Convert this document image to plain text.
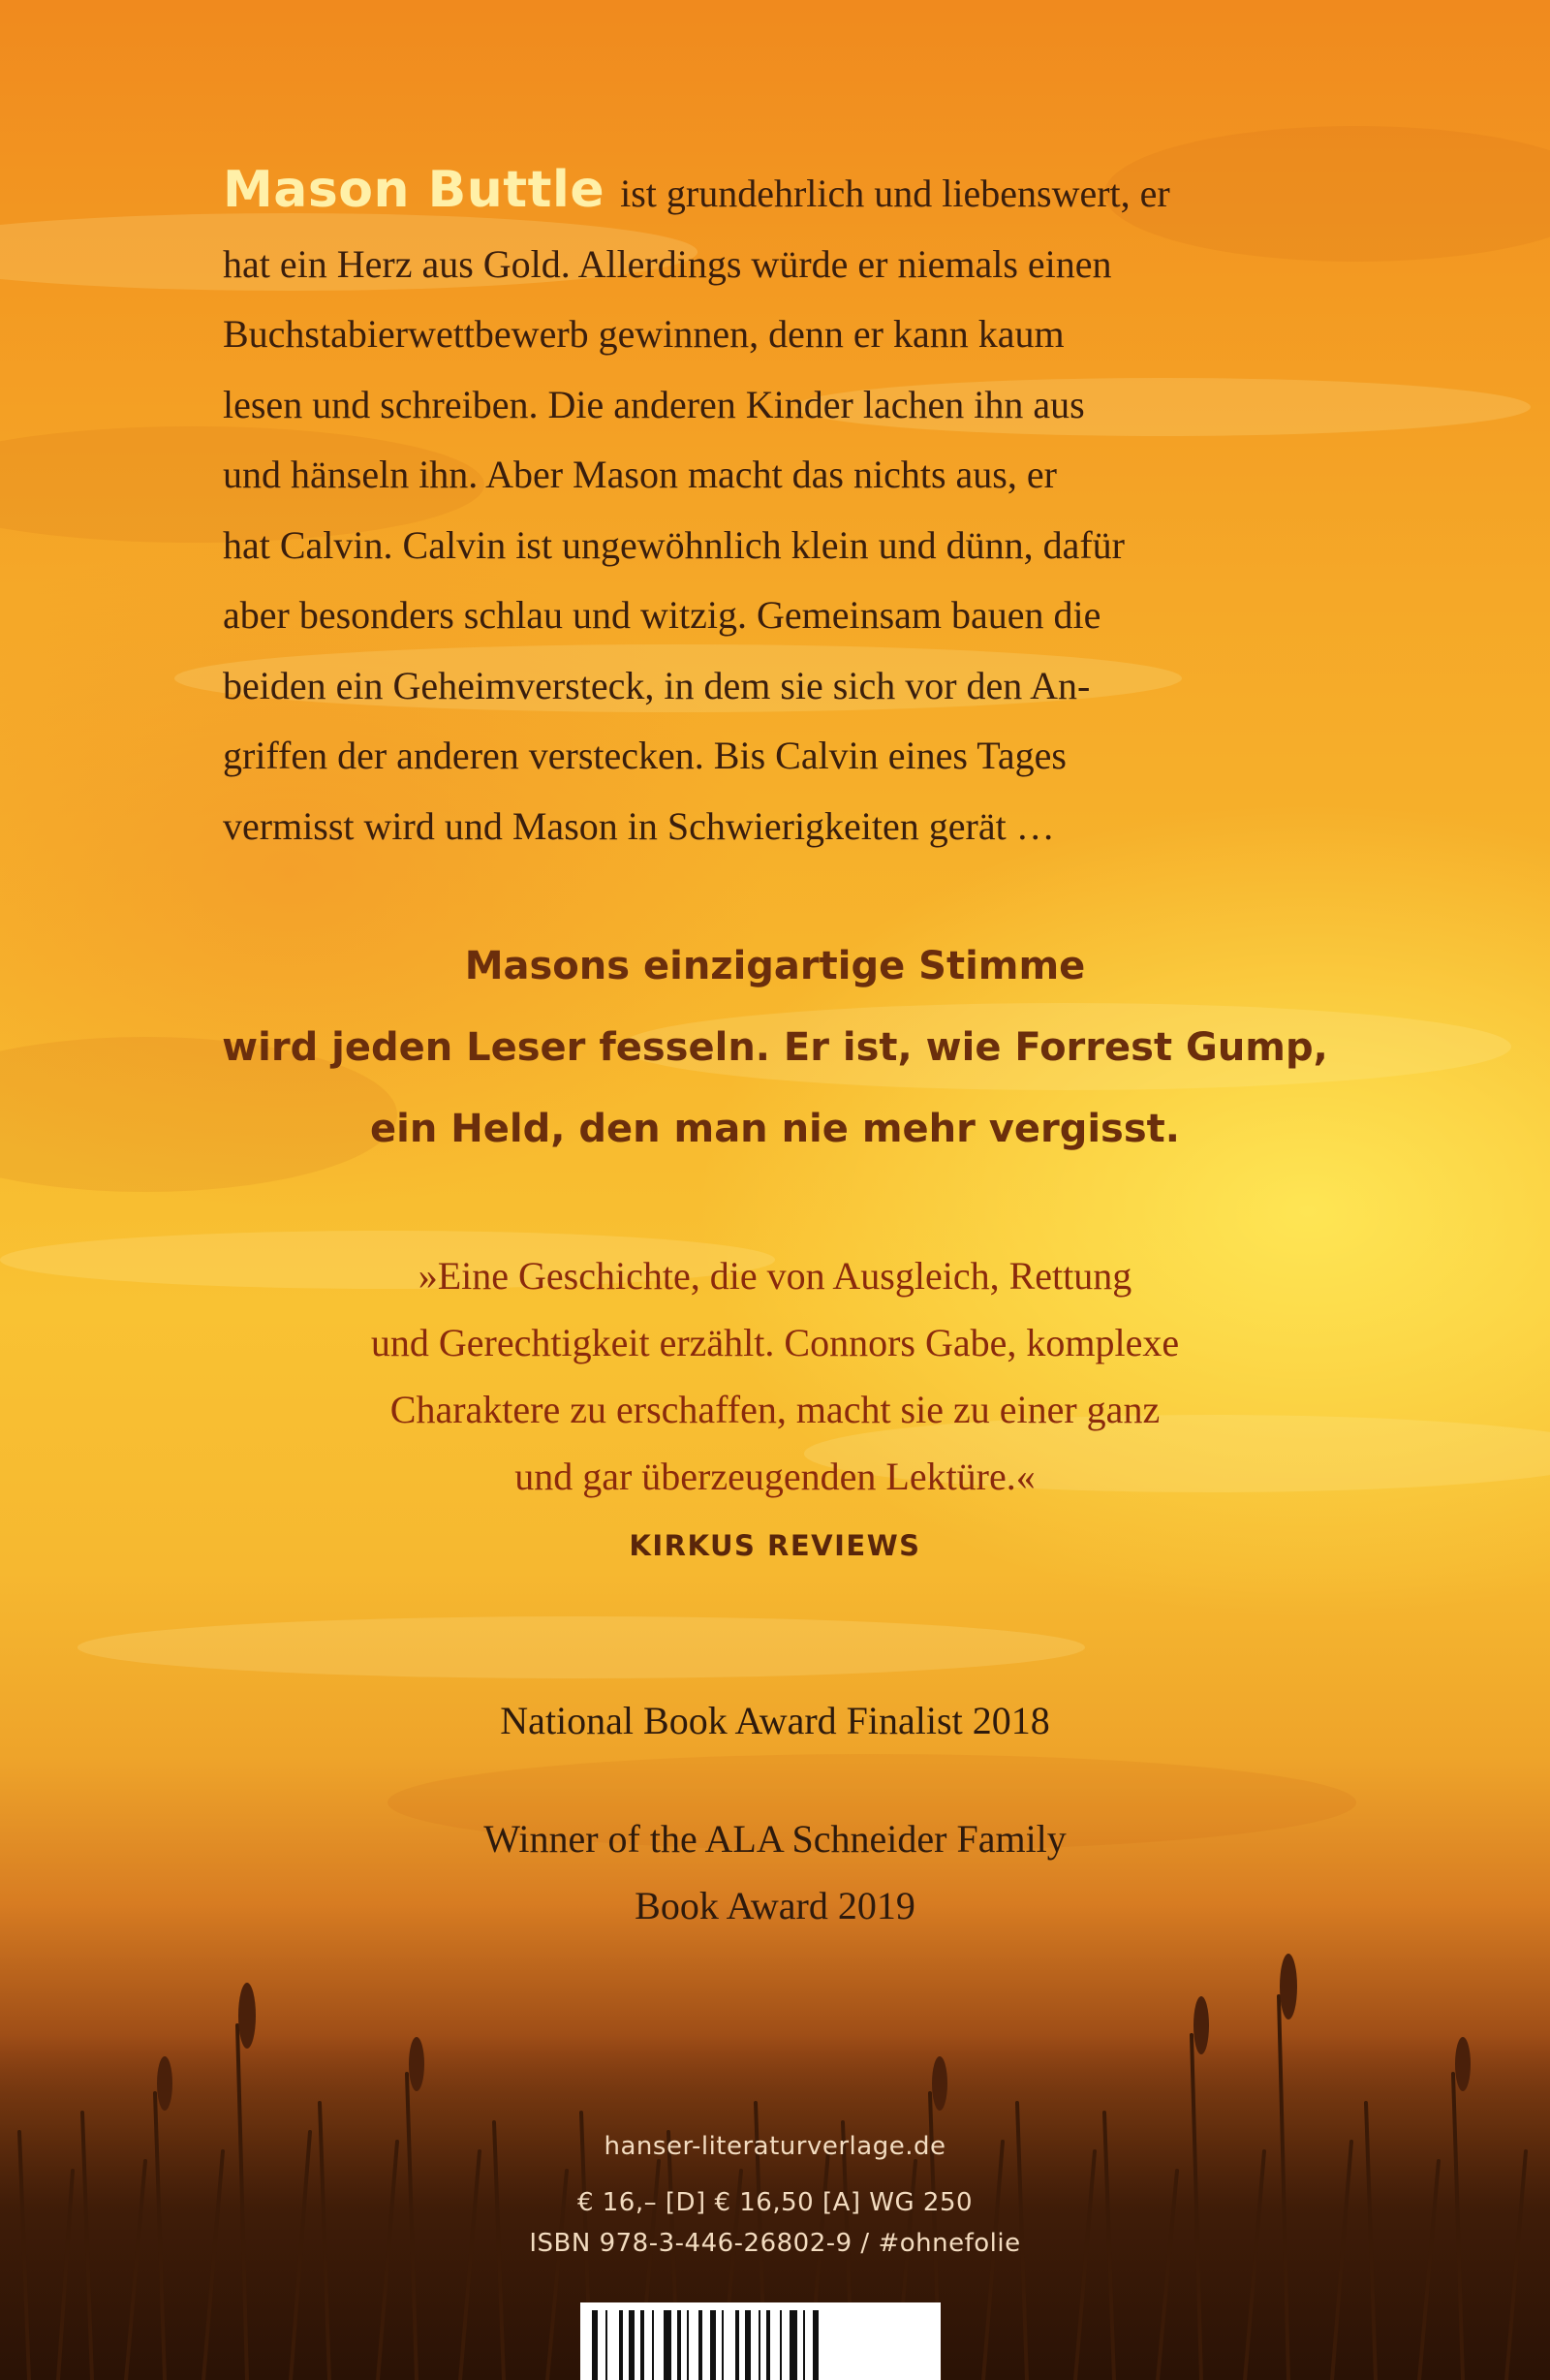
Mason Buttle ist grundehrlich und liebenswert, er
hat ein Herz aus Gold. Allerdings würde er niemals einen
Buchstabierwettbewerb gewinnen, denn er kann kaum
lesen und schreiben. Die anderen Kinder lachen ihn aus
und hänseln ihn. Aber Mason macht das nichts aus, er
hat Calvin. Calvin ist ungewöhnlich klein und dünn, dafür
aber besonders schlau und witzig. Gemeinsam bauen die
beiden ein Geheimversteck, in dem sie sich vor den An-
griffen der anderen verstecken. Bis Calvin eines Tages
vermisst wird und Mason in Schwierigkeiten gerät …
Masons einzigartige Stimme
wird jeden Leser fesseln. Er ist, wie Forrest Gump,
ein Held, den man nie mehr vergisst.
»Eine Geschichte, die von Ausgleich, Rettung
und Gerechtigkeit erzählt. Connors Gabe, komplexe
Charaktere zu erschaffen, macht sie zu einer ganz
und gar überzeugenden Lektüre.«
KIRKUS REVIEWS
National Book Award Finalist 2018
Winner of the ALA Schneider Family
Book Award 2019
hanser-literaturverlage.de
€ 16,– [D] € 16,50 [A] WG 250
ISBN 978-3-446-26802-9 / #ohnefolie
